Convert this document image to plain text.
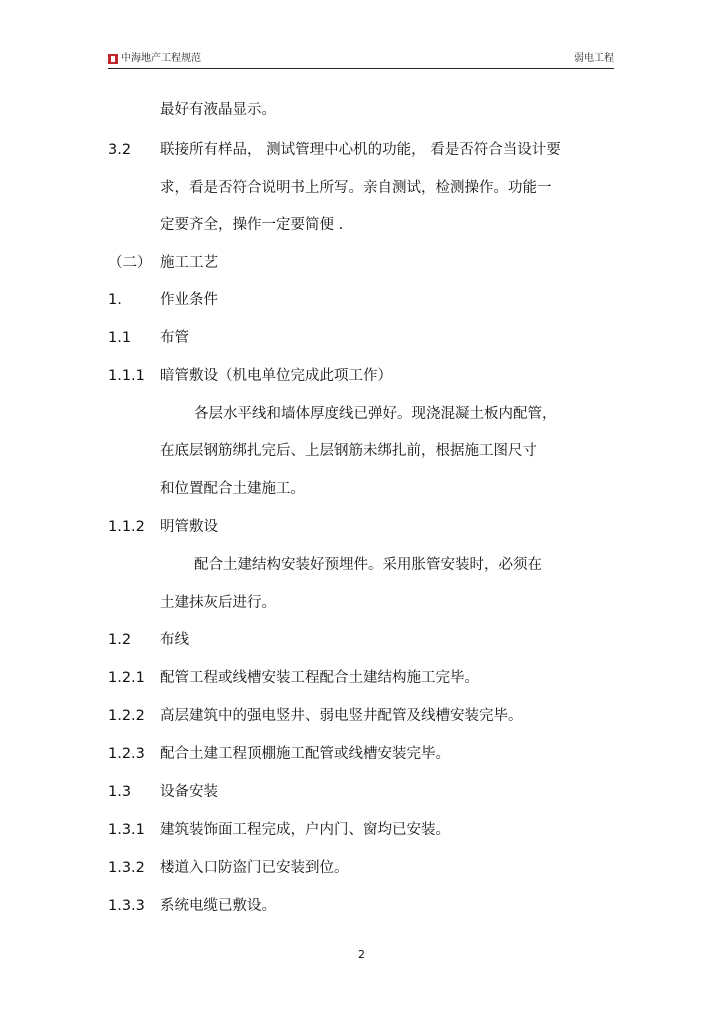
中海地产工程规范	弱电工程
最好有液晶显示。
3.2 联接所有样品， 测试管理中心机的功能， 看是否符合当设计要
求，看是否符合说明书上所写。亲自测试，检测操作。功能一
定要齐全，操作一定要简便 .
（二） 施工工艺
1.	作业条件
1.1 布管
1.1.1 暗管敷设（机电单位完成此项工作）
各层水平线和墙体厚度线已弹好。现浇混凝土板内配管，
在底层钢筋绑扎完后、上层钢筋未绑扎前，根据施工图尺寸
和位置配合土建施工。
1.1.2 明管敷设
配合土建结构安装好预埋件。采用胀管安装时，必须在
土建抹灰后进行。
1.2 布线
1.2.1 配管工程或线槽安装工程配合土建结构施工完毕。
1.2.2 高层建筑中的强电竖井、弱电竖井配管及线槽安装完毕。
1.2.3 配合土建工程顶棚施工配管或线槽安装完毕。
1.3 设备安装
1.3.1 建筑装饰面工程完成，户内门、窗均已安装。
1.3.2 楼道入口防盗门已安装到位。
1.3.3 系统电缆已敷设。
2
